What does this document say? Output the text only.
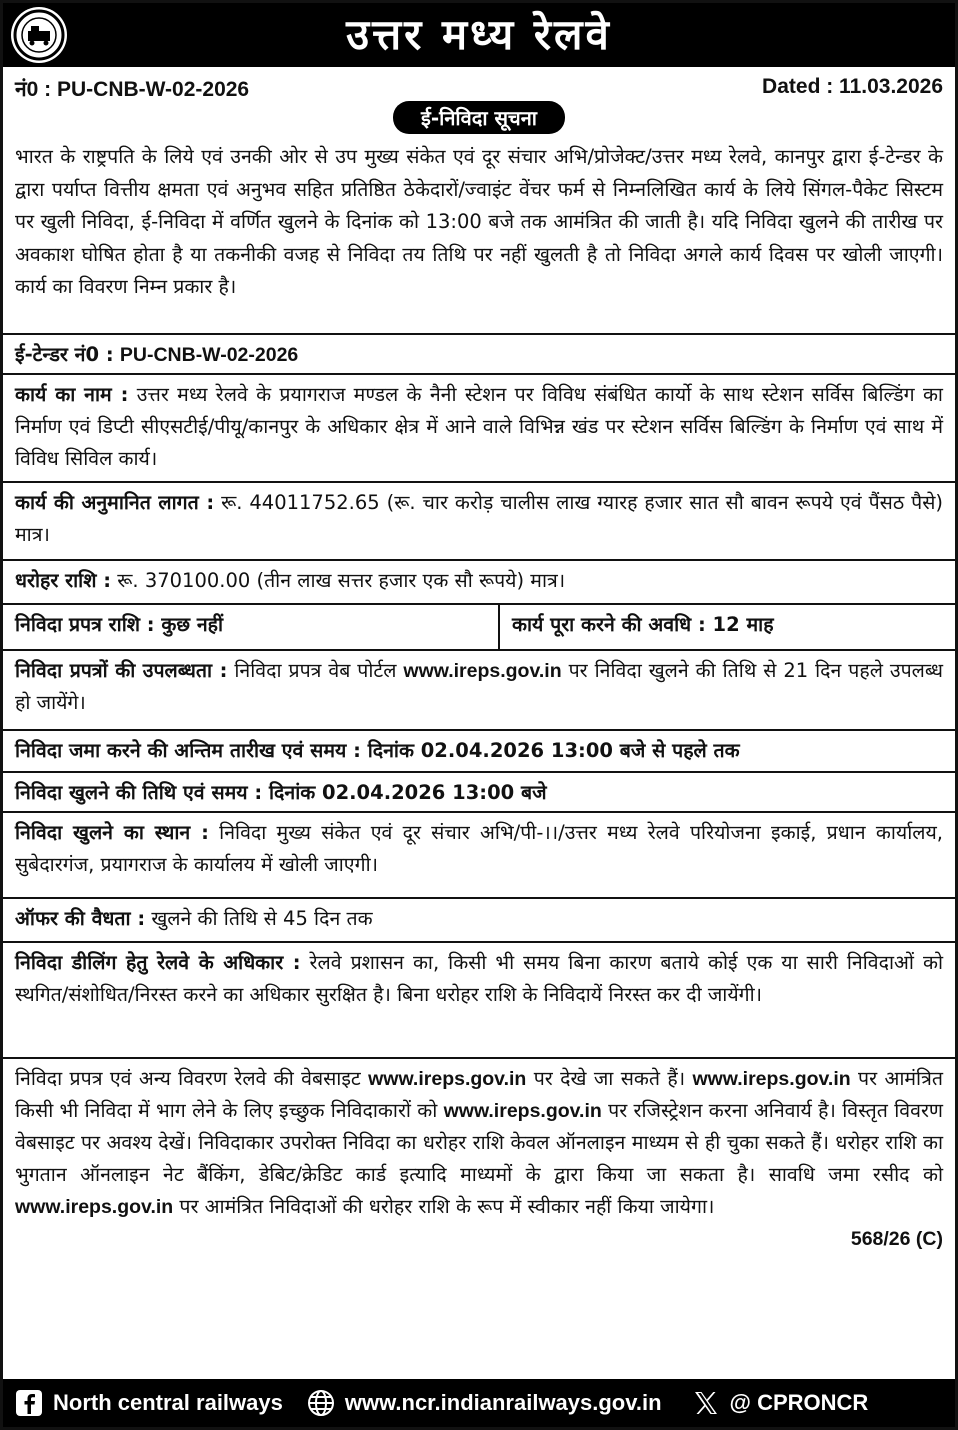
उत्तर मध्य रेलवे
नं0 : PU-CNB-W-02-2026	Dated : 11.03.2026
ई-निविदा सूचना
भारत के राष्ट्रपति के लिये एवं उनकी ओर से उप मुख्य संकेत एवं दूर संचार अभि/प्रोजेक्ट/उत्तर मध्य रेलवे, कानपुर द्वारा ई-टेन्डर के द्वारा पर्याप्त वित्तीय क्षमता एवं अनुभव सहित प्रतिष्ठित ठेकेदारों/ज्वाइंट वेंचर फर्म से निम्नलिखित कार्य के लिये सिंगल-पैकेट सिस्टम पर खुली निविदा, ई-निविदा में वर्णित खुलने के दिनांक को 13:00 बजे तक आमंत्रित की जाती है। यदि निविदा खुलने की तारीख पर अवकाश घोषित होता है या तकनीकी वजह से निविदा तय तिथि पर नहीं खुलती है तो निविदा अगले कार्य दिवस पर खोली जाएगी। कार्य का विवरण निम्न प्रकार है।
ई-टेन्डर नं0 : PU-CNB-W-02-2026
कार्य का नाम : उत्तर मध्य रेलवे के प्रयागराज मण्डल के नैनी स्टेशन पर विविध संबंधित कार्यो के साथ स्टेशन सर्विस बिल्डिंग का निर्माण एवं डिप्टी सीएसटीई/पीयू/कानपुर के अधिकार क्षेत्र में आने वाले विभिन्न खंड पर स्टेशन सर्विस बिल्डिंग के निर्माण एवं साथ में विविध सिविल कार्य।
कार्य की अनुमानित लागत : रू. 44011752.65 (रू. चार करोड़ चालीस लाख ग्यारह हजार सात सौ बावन रूपये एवं पैंसठ पैसे) मात्र।
धरोहर राशि : रू. 370100.00 (तीन लाख सत्तर हजार एक सौ रूपये) मात्र।
निविदा प्रपत्र राशि : कुछ नहीं	कार्य पूरा करने की अवधि : 12 माह
निविदा प्रपत्रों की उपलब्धता : निविदा प्रपत्र वेब पोर्टल www.ireps.gov.in पर निविदा खुलने की तिथि से 21 दिन पहले उपलब्ध हो जायेंगे।
निविदा जमा करने की अन्तिम तारीख एवं समय : दिनांक 02.04.2026 13:00 बजे से पहले तक
निविदा खुलने की तिथि एवं समय : दिनांक 02.04.2026 13:00 बजे
निविदा खुलने का स्थान : निविदा मुख्य संकेत एवं दूर संचार अभि/पी-।।/उत्तर मध्य रेलवे परियोजना इकाई, प्रधान कार्यालय, सुबेदारगंज, प्रयागराज के कार्यालय में खोली जाएगी।
ऑफर की वैधता : खुलने की तिथि से 45 दिन तक
निविदा डीलिंग हेतु रेलवे के अधिकार : रेलवे प्रशासन का, किसी भी समय बिना कारण बताये कोई एक या सारी निविदाओं को स्थगित/संशोधित/निरस्त करने का अधिकार सुरक्षित है। बिना धरोहर राशि के निविदायें निरस्त कर दी जायेंगी।
निविदा प्रपत्र एवं अन्य विवरण रेलवे की वेबसाइट www.ireps.gov.in पर देखे जा सकते हैं। www.ireps.gov.in पर आमंत्रित किसी भी निविदा में भाग लेने के लिए इच्छुक निविदाकारों को www.ireps.gov.in पर रजिस्ट्रेशन करना अनिवार्य है। विस्तृत विवरण वेबसाइट पर अवश्य देखें। निविदाकार उपरोक्त निविदा का धरोहर राशि केवल ऑनलाइन माध्यम से ही चुका सकते हैं। धरोहर राशि का भुगतान ऑनलाइन नेट बैंकिंग, डेबिट/क्रेडिट कार्ड इत्यादि माध्यमों के द्वारा किया जा सकता है। सावधि जमा रसीद को www.ireps.gov.in पर आमंत्रित निविदाओं की धरोहर राशि के रूप में स्वीकार नहीं किया जायेगा।
568/26 (C)
North central railways	www.ncr.indianrailways.gov.in	@ CPRONCR
